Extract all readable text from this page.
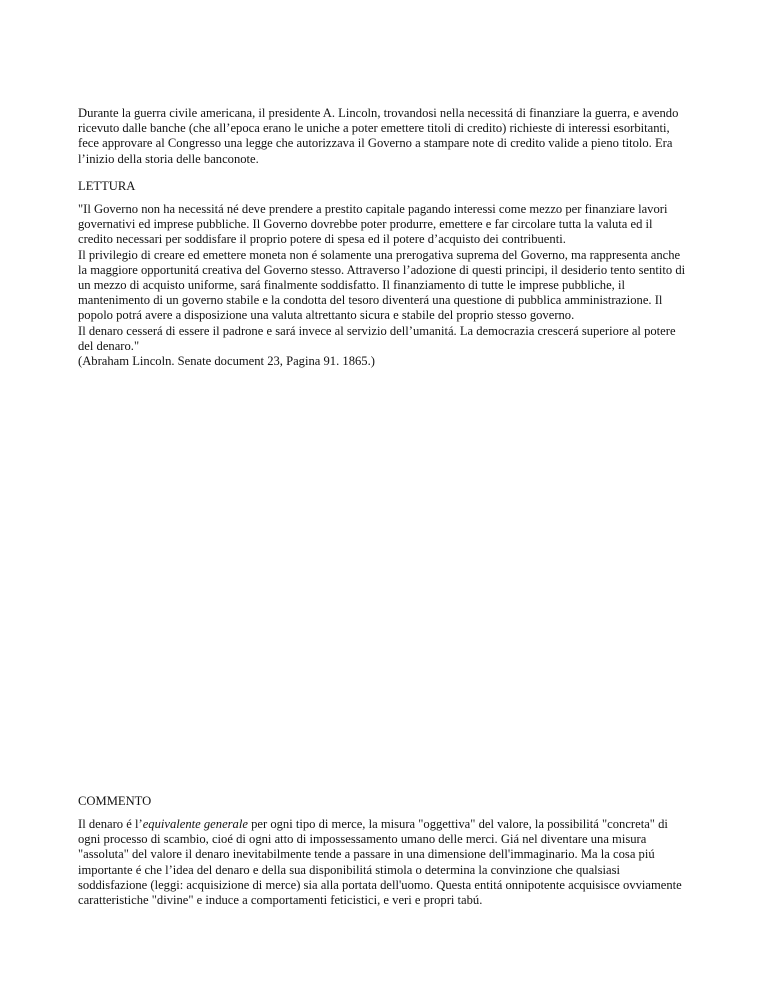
Durante la guerra civile americana, il presidente A. Lincoln, trovandosi nella necessitá di finanziare la guerra, e avendo ricevuto dalle banche (che all’epoca erano le uniche a poter emettere titoli di credito) richieste di interessi esorbitanti, fece approvare al Congresso una legge che autorizzava il Governo a stampare note di credito valide a pieno titolo. Era l’inizio della storia delle banconote.

LETTURA

"Il Governo non ha necessitá né deve prendere a prestito capitale pagando interessi come mezzo per finanziare lavori governativi ed imprese pubbliche. Il Governo dovrebbe poter produrre, emettere e far circolare tutta la valuta ed il credito necessari per soddisfare il proprio potere di spesa ed il potere d’acquisto dei contribuenti.
Il privilegio di creare ed emettere moneta non é solamente una prerogativa suprema del Governo, ma rappresenta anche la maggiore opportunitá creativa del Governo stesso. Attraverso l’adozione di questi principi, il desiderio tento sentito di un mezzo di acquisto uniforme, sará finalmente soddisfatto. Il finanziamento di tutte le imprese pubbliche, il mantenimento di un governo stabile e la condotta del tesoro diventerá una questione di pubblica amministrazione. Il popolo potrá avere a disposizione una valuta altrettanto sicura e stabile del proprio stesso governo.
Il denaro cesserá di essere il padrone e sará invece al servizio dell’umanitá. La democrazia crescerá superiore al potere del denaro."
(Abraham Lincoln. Senate document 23, Pagina 91. 1865.)

COMMENTO

Il denaro é l’equivalente generale per ogni tipo di merce, la misura "oggettiva" del valore, la possibilitá "concreta" di ogni processo di scambio, cioé di ogni atto di impossessamento umano delle merci. Giá nel diventare una misura "assoluta" del valore il denaro inevitabilmente tende a passare in una dimensione dell'immaginario. Ma la cosa piú importante é che l’idea del denaro e della sua disponibilitá stimola o determina la convinzione che qualsiasi soddisfazione (leggi: acquisizione di merce) sia alla portata dell'uomo. Questa entitá onnipotente acquisisce ovviamente caratteristiche "divine" e induce a comportamenti feticistici, e veri e propri tabú.
